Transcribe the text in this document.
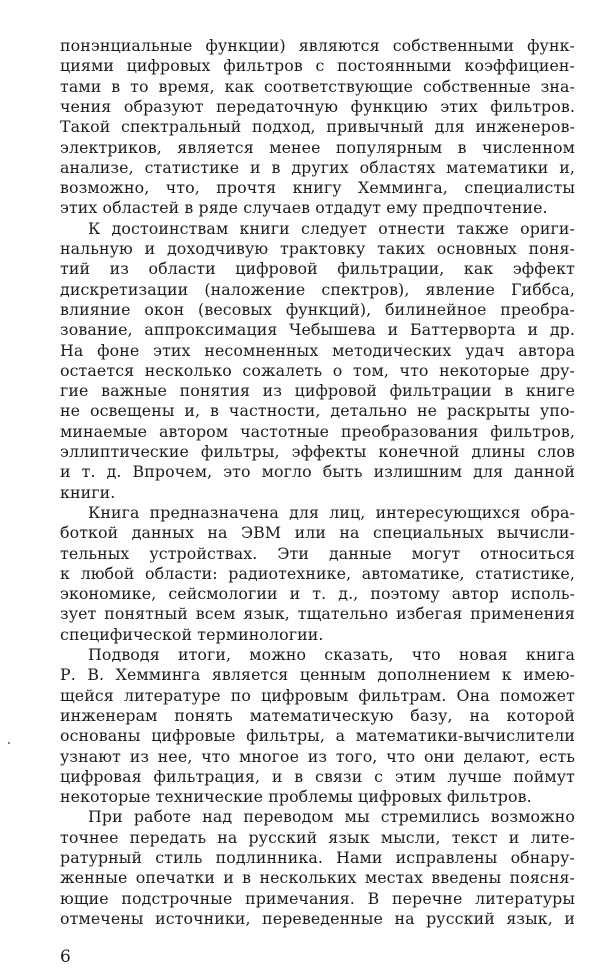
понэнциальные функции) являются собственными функ-
циями цифровых фильтров с постоянными коэффициен-
тами в то время, как соответствующие собственные зна-
чения образуют передаточную функцию этих фильтров.
Такой спектральный подход, привычный для инженеров-
электриков, является менее популярным в численном
анализе, статистике и в других областях математики и,
возможно, что, прочтя книгу Хемминга, специалисты
этих областей в ряде случаев отдадут ему предпочтение.
К достоинствам книги следует отнести также ориги-
нальную и доходчивую трактовку таких основных поня-
тий из области цифровой фильтрации, как эффект
дискретизации (наложение спектров), явление Гиббса,
влияние окон (весовых функций), билинейное преобра-
зование, аппроксимация Чебышева и Баттерворта и др.
На фоне этих несомненных методических удач автора
остается несколько сожалеть о том, что некоторые дру-
гие важные понятия из цифровой фильтрации в книге
не освещены и, в частности, детально не раскрыты упо-
минаемые автором частотные преобразования фильтров,
эллиптические фильтры, эффекты конечной длины слов
и т. д. Впрочем, это могло быть излишним для данной
книги.
Книга предназначена для лиц, интересующихся обра-
боткой данных на ЭВМ или на специальных вычисли-
тельных устройствах. Эти данные могут относиться
к любой области: радиотехнике, автоматике, статистике,
экономике, сейсмологии и т. д., поэтому автор исполь-
зует понятный всем язык, тщательно избегая применения
специфической терминологии.
Подводя итоги, можно сказать, что новая книга
Р. В. Хемминга является ценным дополнением к имею-
щейся литературе по цифровым фильтрам. Она поможет
инженерам понять математическую базу, на которой
основаны цифровые фильтры, а математики-вычислители
узнают из нее, что многое из того, что они делают, есть
цифровая фильтрация, и в связи с этим лучше поймут
некоторые технические проблемы цифровых фильтров.
При работе над переводом мы стремились возможно
точнее передать на русский язык мысли, текст и лите-
ратурный стиль подлинника. Нами исправлены обнару-
женные опечатки и в нескольких местах введены поясня-
ющие подстрочные примечания. В перечне литературы
отмечены источники, переведенные на русский язык, и
6
